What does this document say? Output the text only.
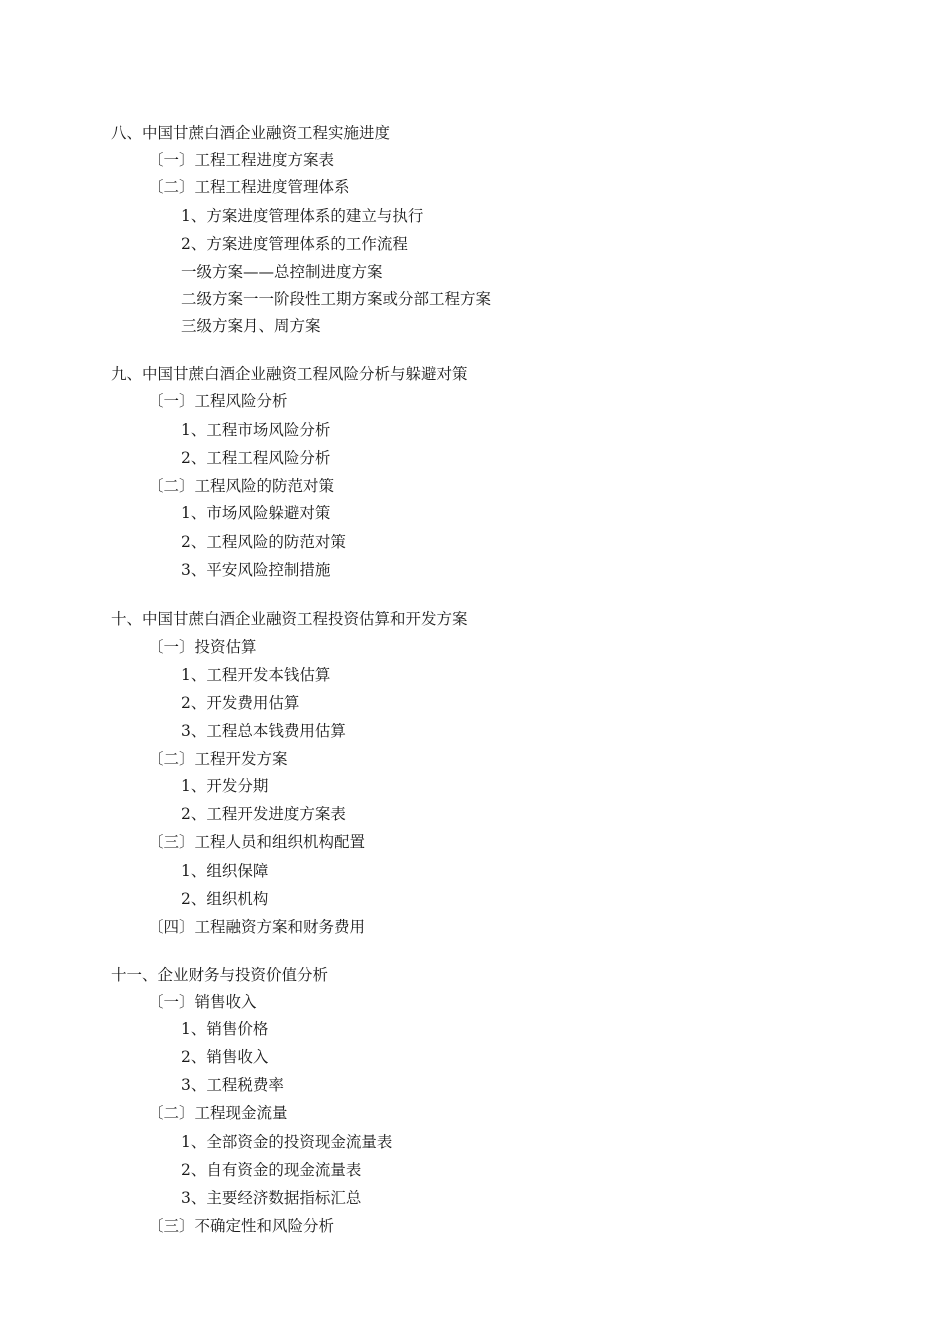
八、中国甘蔗白酒企业融资工程实施进度
〔一〕工程工程进度方案表
〔二〕工程工程进度管理体系
1、方案进度管理体系的建立与执行
2、方案进度管理体系的工作流程
一级方案——总控制进度方案
二级方案一一阶段性工期方案或分部工程方案
三级方案月、周方案
九、中国甘蔗白酒企业融资工程风险分析与躲避对策
〔一〕工程风险分析
1、工程市场风险分析
2、工程工程风险分析
〔二〕工程风险的防范对策
1、市场风险躲避对策
2、工程风险的防范对策
3、平安风险控制措施
十、中国甘蔗白酒企业融资工程投资估算和开发方案
〔一〕投资估算
1、工程开发本钱估算
2、开发费用估算
3、工程总本钱费用估算
〔二〕工程开发方案
1、开发分期
2、工程开发进度方案表
〔三〕工程人员和组织机构配置
1、组织保障
2、组织机构
〔四〕工程融资方案和财务费用
十一、企业财务与投资价值分析
〔一〕销售收入
1、销售价格
2、销售收入
3、工程税费率
〔二〕工程现金流量
1、全部资金的投资现金流量表
2、自有资金的现金流量表
3、主要经济数据指标汇总
〔三〕不确定性和风险分析
